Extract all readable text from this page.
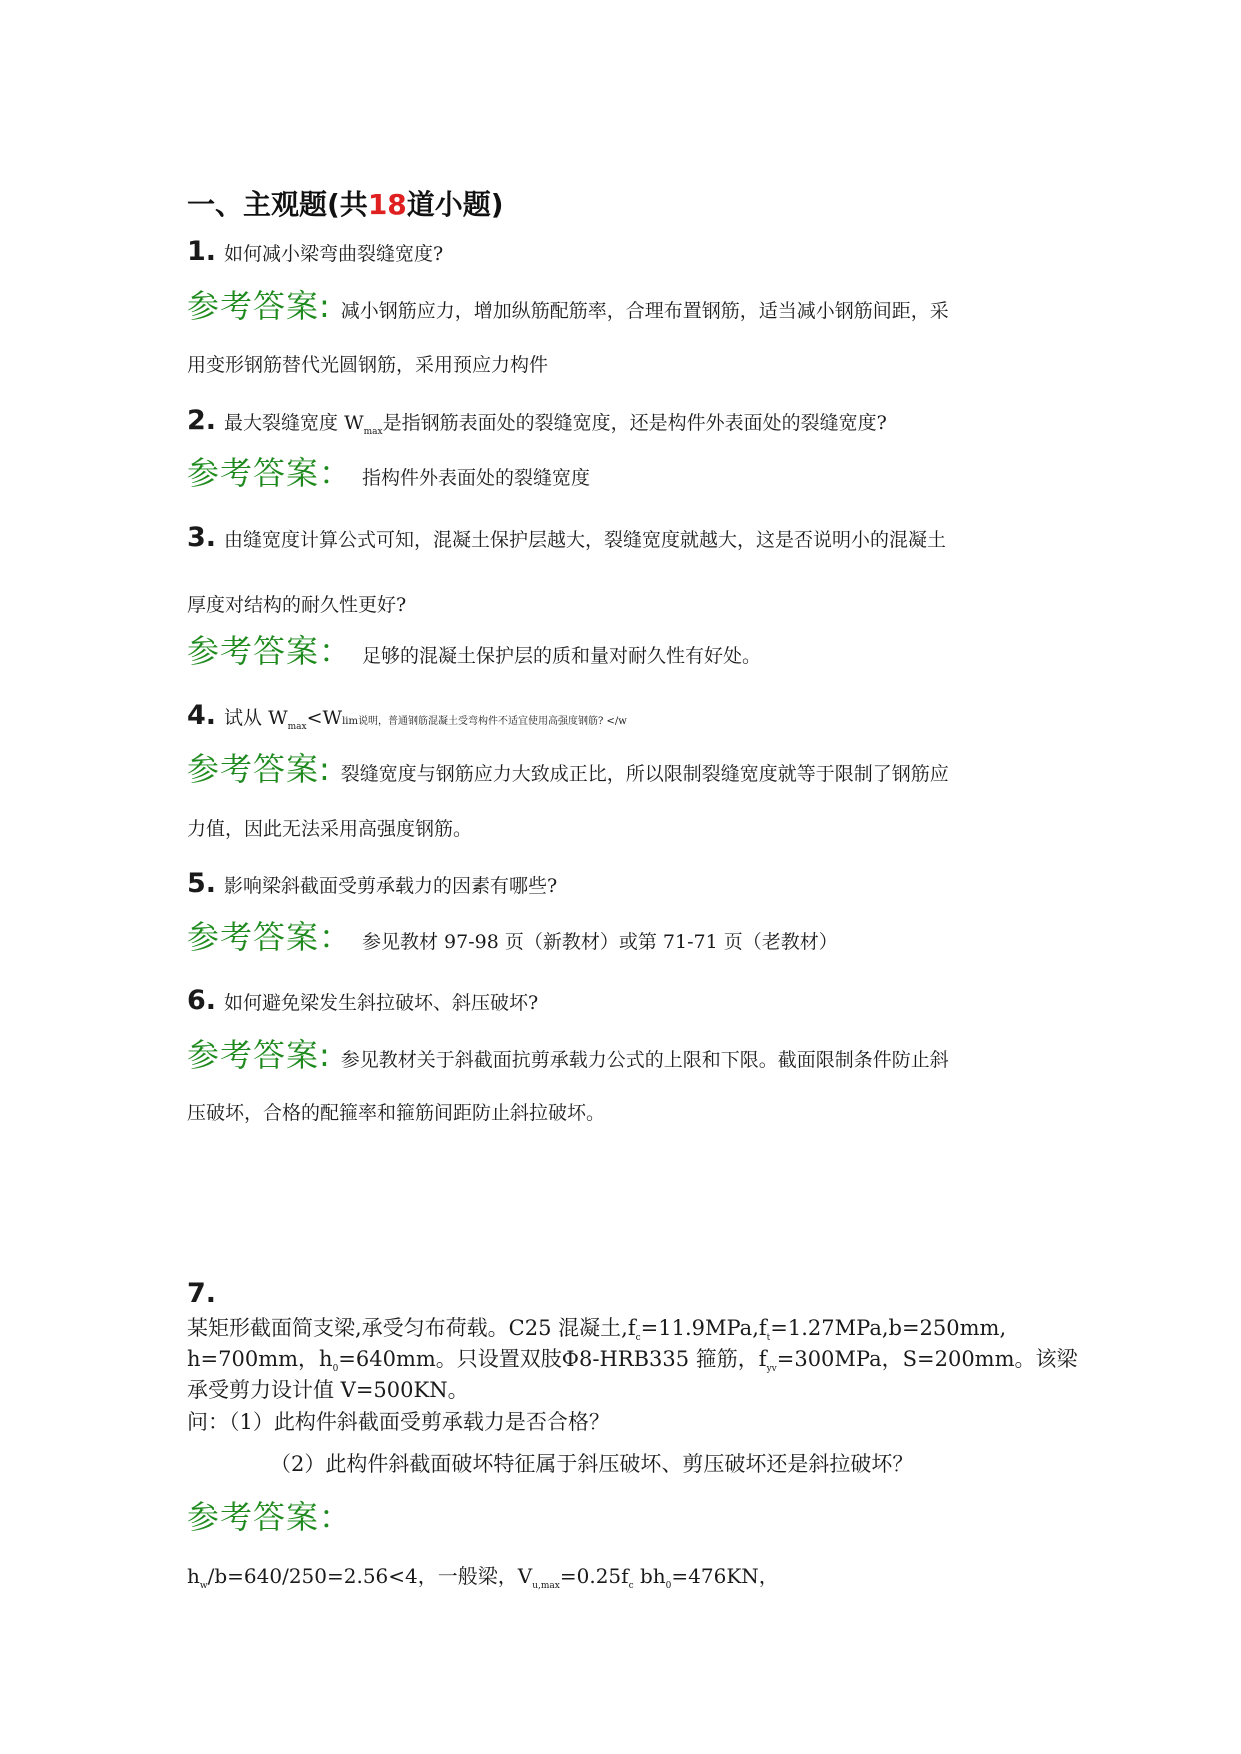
一、主观题(共18道小题)
1. 如何减小梁弯曲裂缝宽度?
参考答案: 减小钢筋应力，增加纵筋配筋率，合理布置钢筋，适当减小钢筋间距，采
用变形钢筋替代光圆钢筋，采用预应力构件
2. 最大裂缝宽度 $W_{max}$是指钢筋表面处的裂缝宽度，还是构件外表面处的裂缝宽度?
参考答案： 指构件外表面处的裂缝宽度
3. 由缝宽度计算公式可知，混凝土保护层越大，裂缝宽度就越大，这是否说明小的混凝土
厚度对结构的耐久性更好?
参考答案： 足够的混凝土保护层的质和量对耐久性有好处。
4. 试从 $W_{max}<Wlim$说明，普通钢筋混凝土受弯构件不适宜使用高强度钢筋? </w
参考答案: 裂缝宽度与钢筋应力大致成正比，所以限制裂缝宽度就等于限制了钢筋应
力值，因此无法采用高强度钢筋。
5. 影响梁斜截面受剪承载力的因素有哪些?
参考答案： 参见教材 97-98 页（新教材）或第 71-71 页（老教材）
6. 如何避免梁发生斜拉破坏、斜压破坏?
参考答案: 参见教材关于斜截面抗剪承载力公式的上限和下限。截面限制条件防止斜
压破坏，合格的配箍率和箍筋间距防止斜拉破坏。
7.
某矩形截面简支梁,承受匀布荷载。C25 混凝土$,f_c=11.9MPa,f_t=1.27MPa,b=250mm$,
h=700mm，$h_0=640mm$。只设置双肢Φ8-HRB335 箍筋，$f_{yv}=300MPa$，S=200mm。该梁
承受剪力设计值 V=500KN。
问：（1）此构件斜截面受剪承载力是否合格？
（2）此构件斜截面破坏特征属于斜压破坏、剪压破坏还是斜拉破坏？
参考答案：
$h_w/b=640/250=2.56<4$，一般梁，$V_{u,max}=0.25f_c$ $bh_0=476KN$，
